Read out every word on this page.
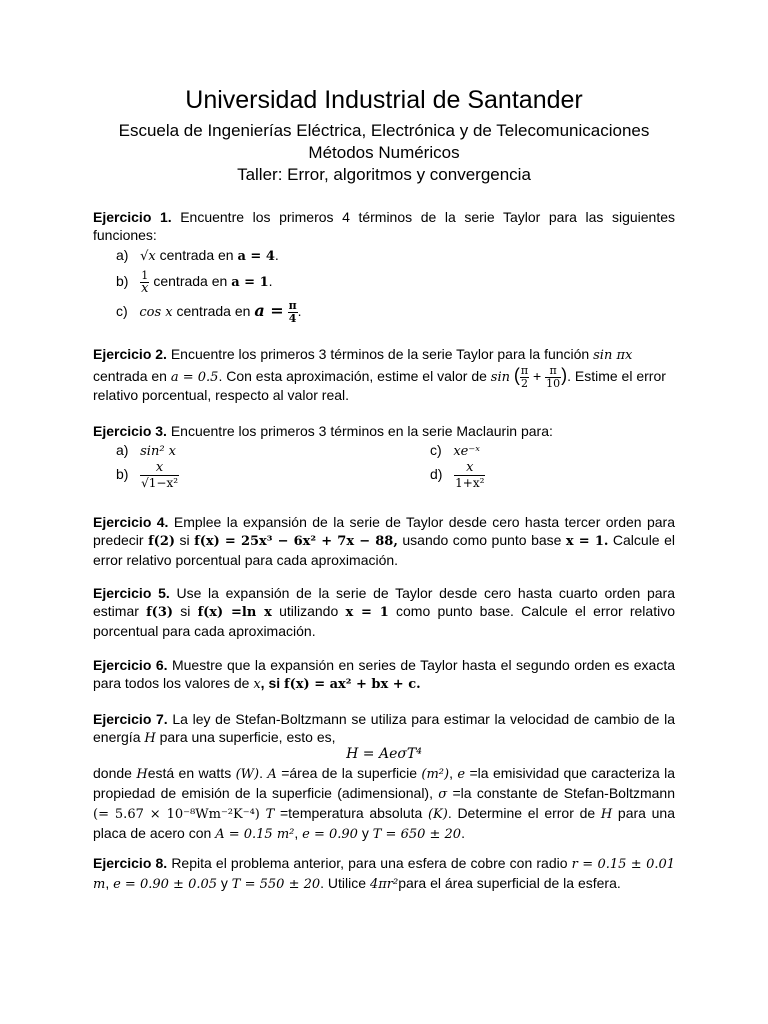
Universidad Industrial de Santander
Escuela de Ingenierías Eléctrica, Electrónica y de Telecomunicaciones
Métodos Numéricos
Taller: Error, algoritmos y convergencia
Ejercicio 1. Encuentre los primeros 4 términos de la serie Taylor para las siguientes funciones:
a) √x centrada en a = 4.
$b) \frac{1}{x}$ centrada en a = 1.
c) cos x centrada en $a = \frac{\pi}{4}$ .
Ejercicio 2. Encuentre los primeros 3 términos de la serie Taylor para la función sin πx
centrada en a = 0.5. Con esta aproximación, estime el valor de sin ( $\frac{\pi}{2} + \frac{\pi}{10}$ ). Estime el error
relativo porcentual, respecto al valor real.
Ejercicio 3. Encuentre los primeros 3 términos en la serie Maclaurin para:
a) sin² x	c) xe⁻ˣ
$b) \frac{x}{\text{√1−x²}}$	$d) \frac{x}{\text{1+x²}}$
Ejercicio 4. Emplee la expansión de la serie de Taylor desde cero hasta tercer orden para predecir f(2) si f(x) = 25x³ − 6x² + 7x − 88, usando como punto base x = 1. Calcule el error relativo porcentual para cada aproximación.
Ejercicio 5. Use la expansión de la serie de Taylor desde cero hasta cuarto orden para estimar f(3) si f(x) =ln x utilizando x = 1 como punto base. Calcule el error relativo porcentual para cada aproximación.
Ejercicio 6. Muestre que la expansión en series de Taylor hasta el segundo orden es exacta para todos los valores de x, si f(x) = ax² + bx + c.
Ejercicio 7. La ley de Stefan-Boltzmann se utiliza para estimar la velocidad de cambio de la energía H para una superficie, esto es,
H = AeσT⁴
donde Hestá en watts (W). A =área de la superficie (m²), e =la emisividad que caracteriza la propiedad de emisión de la superficie (adimensional), σ =la constante de Stefan-Boltzmann (= 5.67 × 10⁻⁸Wm⁻²K⁻⁴) T =temperatura absoluta (K). Determine el error de H para una placa de acero con A = 0.15 m², e = 0.90 y T = 650 ± 20.
Ejercicio 8. Repita el problema anterior, para una esfera de cobre con radio r = 0.15 ± 0.01 m, e = 0.90 ± 0.05 y T = 550 ± 20. Utilice 4πr²para el área superficial de la esfera.
